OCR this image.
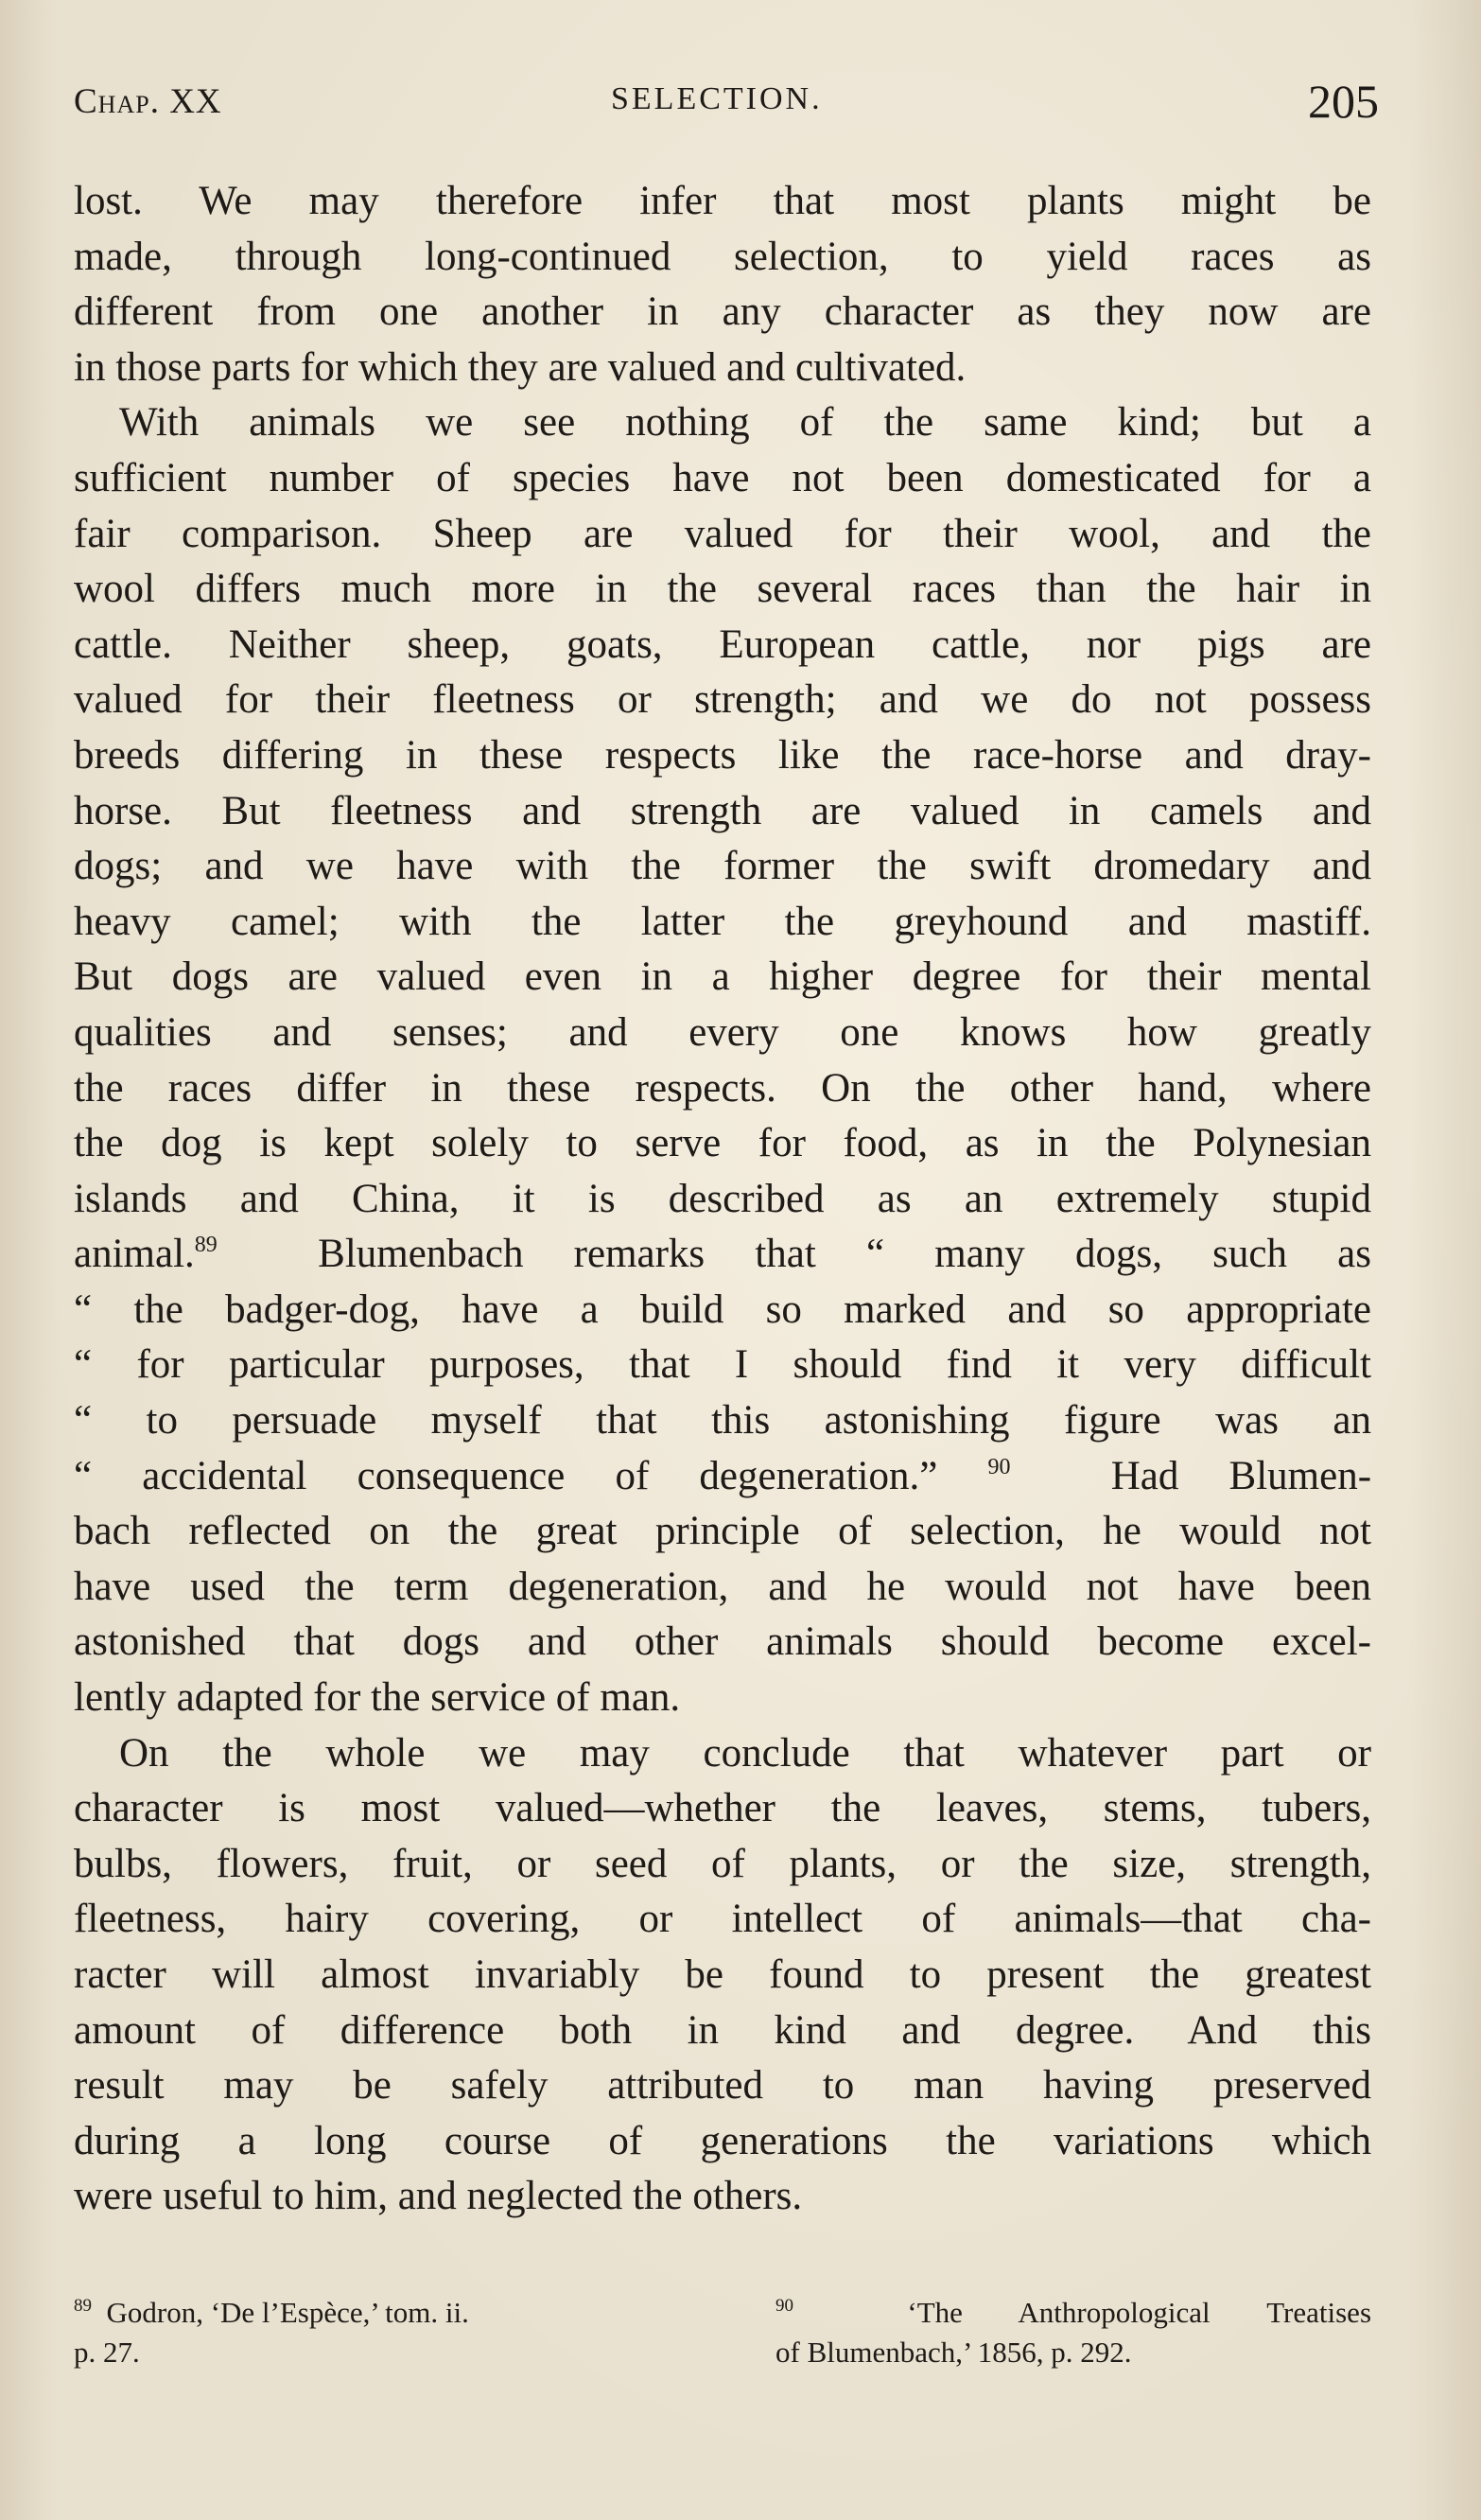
Chap. XX	SELECTION.	205
lost. We may therefore infer that most plants might be
made, through long-continued selection, to yield races as
different from one another in any character as they now are
in those parts for which they are valued and cultivated.
With animals we see nothing of the same kind; but a
sufficient number of species have not been domesticated for a
fair comparison. Sheep are valued for their wool, and the
wool differs much more in the several races than the hair in
cattle. Neither sheep, goats, European cattle, nor pigs are
valued for their fleetness or strength; and we do not possess
breeds differing in these respects like the race-horse and dray-
horse. But fleetness and strength are valued in camels and
dogs; and we have with the former the swift dromedary and
heavy camel; with the latter the greyhound and mastiff.
But dogs are valued even in a higher degree for their mental
qualities and senses; and every one knows how greatly
the races differ in these respects. On the other hand, where
the dog is kept solely to serve for food, as in the Polynesian
islands and China, it is described as an extremely stupid
animal.$^{89}$ Blumenbach remarks that “ many dogs, such as
“ the badger-dog, have a build so marked and so appropriate
“ for particular purposes, that I should find it very difficult
“ to persuade myself that this astonishing figure was an
“ accidental consequence of degeneration.” $^{90}$ Had Blumen-
bach reflected on the great principle of selection, he would not
have used the term degeneration, and he would not have been
astonished that dogs and other animals should become excel-
lently adapted for the service of man.
On the whole we may conclude that whatever part or
character is most valued—whether the leaves, stems, tubers,
bulbs, flowers, fruit, or seed of plants, or the size, strength,
fleetness, hairy covering, or intellect of animals—that cha-
racter will almost invariably be found to present the greatest
amount of difference both in kind and degree. And this
result may be safely attributed to man having preserved
during a long course of generations the variations which
were useful to him, and neglected the others.
$^{89}$ Godron, ‘De l’Espèce,’ tom. ii.
p. 27.
$^{90}$	‘The Anthropological Treatises
of Blumenbach,’ 1856, p. 292.
